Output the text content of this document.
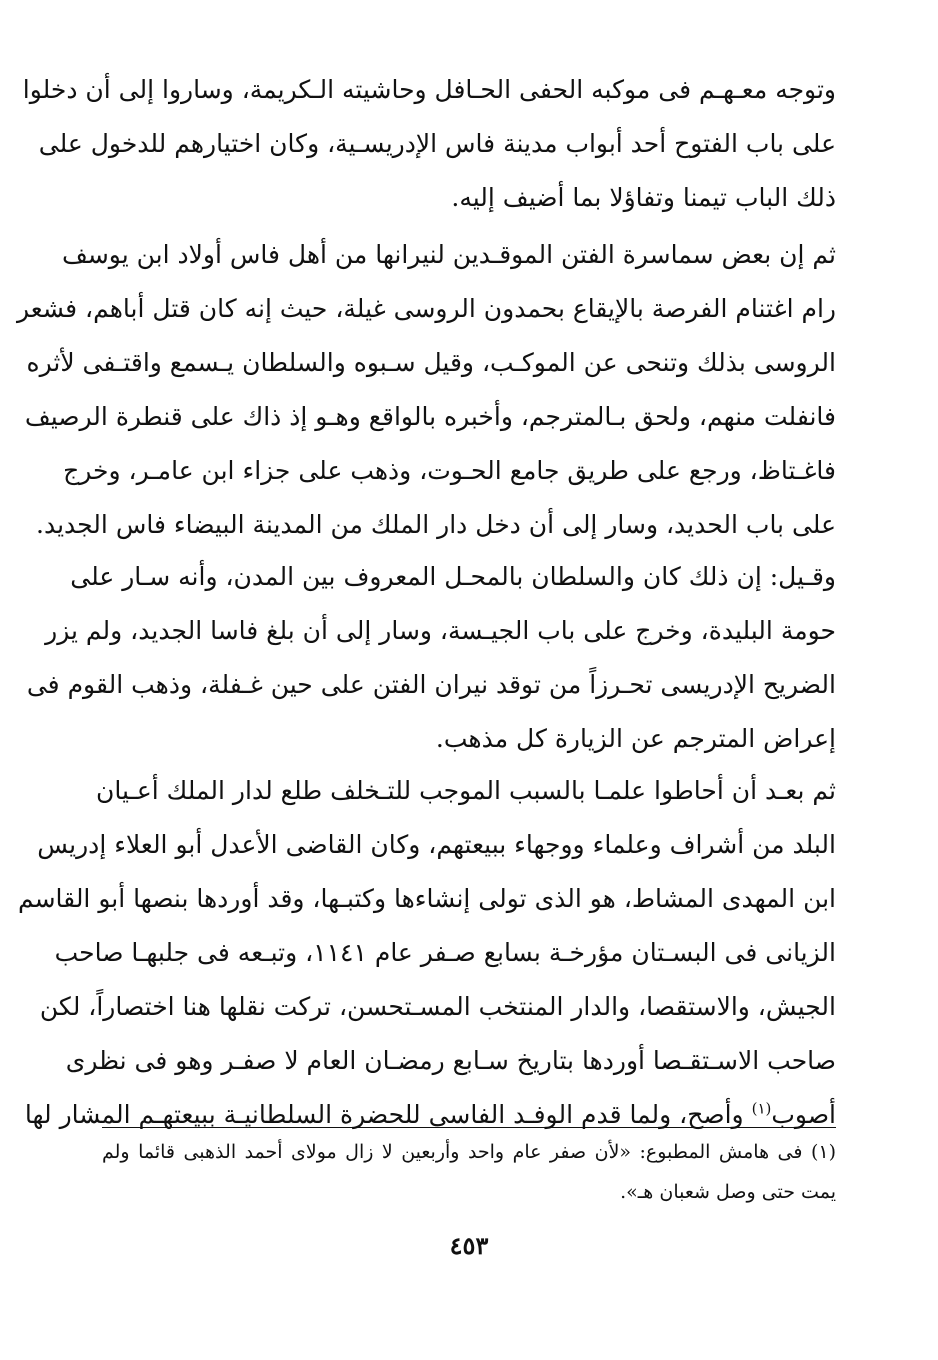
وتوجه معـهـم فى موكبه الحفى الحـافل وحاشيته الـكريمة، وساروا إلى أن دخلوا
على باب الفتوح أحد أبواب مدينة فاس الإدريسـية، وكان اختيارهم للدخول على
ذلك الباب تيمنا وتفاؤلا بما أضيف إليه.
ثم إن بعض سماسرة الفتن الموقـدين لنيرانها من أهل فاس أولاد ابن يوسف
رام اغتنام الفرصة بالإيقاع بحمدون الروسى غيلة، حيث إنه كان قتل أباهم، فشعر
الروسى بذلك وتنحى عن الموكـب، وقيل سـبوه والسلطان يـسمع واقتـفى لأثره
فانفلت منهم، ولحق بـالمترجم، وأخبره بالواقع وهـو إذ ذاك على قنطرة الرصيف
فاغـتاظ، ورجع على طريق جامع الحـوت، وذهب على جزاء ابن عامـر، وخرج
على باب الحديد، وسار إلى أن دخل دار الملك من المدينة البيضاء فاس الجديد.
وقـيل: إن ذلك كان والسلطان بالمحـل المعروف بين المدن، وأنه سـار على
حومة البليدة، وخرج على باب الجيـسة، وسار إلى أن بلغ فاسا الجديد، ولم يزر
الضريح الإدريسى تحـرزاً من توقد نيران الفتن على حين غـفلة، وذهب القوم فى
إعراض المترجم عن الزيارة كل مذهب.
ثم بعـد أن أحاطوا علمـا بالسبب الموجب للتـخلف طلع لدار الملك أعـيان
البلد من أشراف وعلماء ووجهاء ببيعتهم، وكان القاضى الأعدل أبو العلاء إدريس
ابن المهدى المشاط، هو الذى تولى إنشاءها وكتبـها، وقد أوردها بنصها أبو القاسم
الزيانى فى البسـتان مؤرخـة بسابع صـفر عام ١١٤١، وتبـعه فى جلبهـا صاحب
الجيش، والاستقصا، والدار المنتخب المسـتحسن، تركت نقلها هنا اختصاراً، لكن
صاحب الاسـتقـصا أوردها بتاريخ سـابع رمضـان العام لا صفـر وهو فى نظرى
أصوب$^{(١)}$ وأصح، ولما قدم الوفـد الفاسى للحضرة السلطانيـة ببيعتهـم المشار لها
(١) فى هامش المطبوع: «لأن صفر عام واحد وأربعين لا زال مولاى أحمد الذهبى قائما ولم
يمت حتى وصل شعبان هـ».
٤٥٣
